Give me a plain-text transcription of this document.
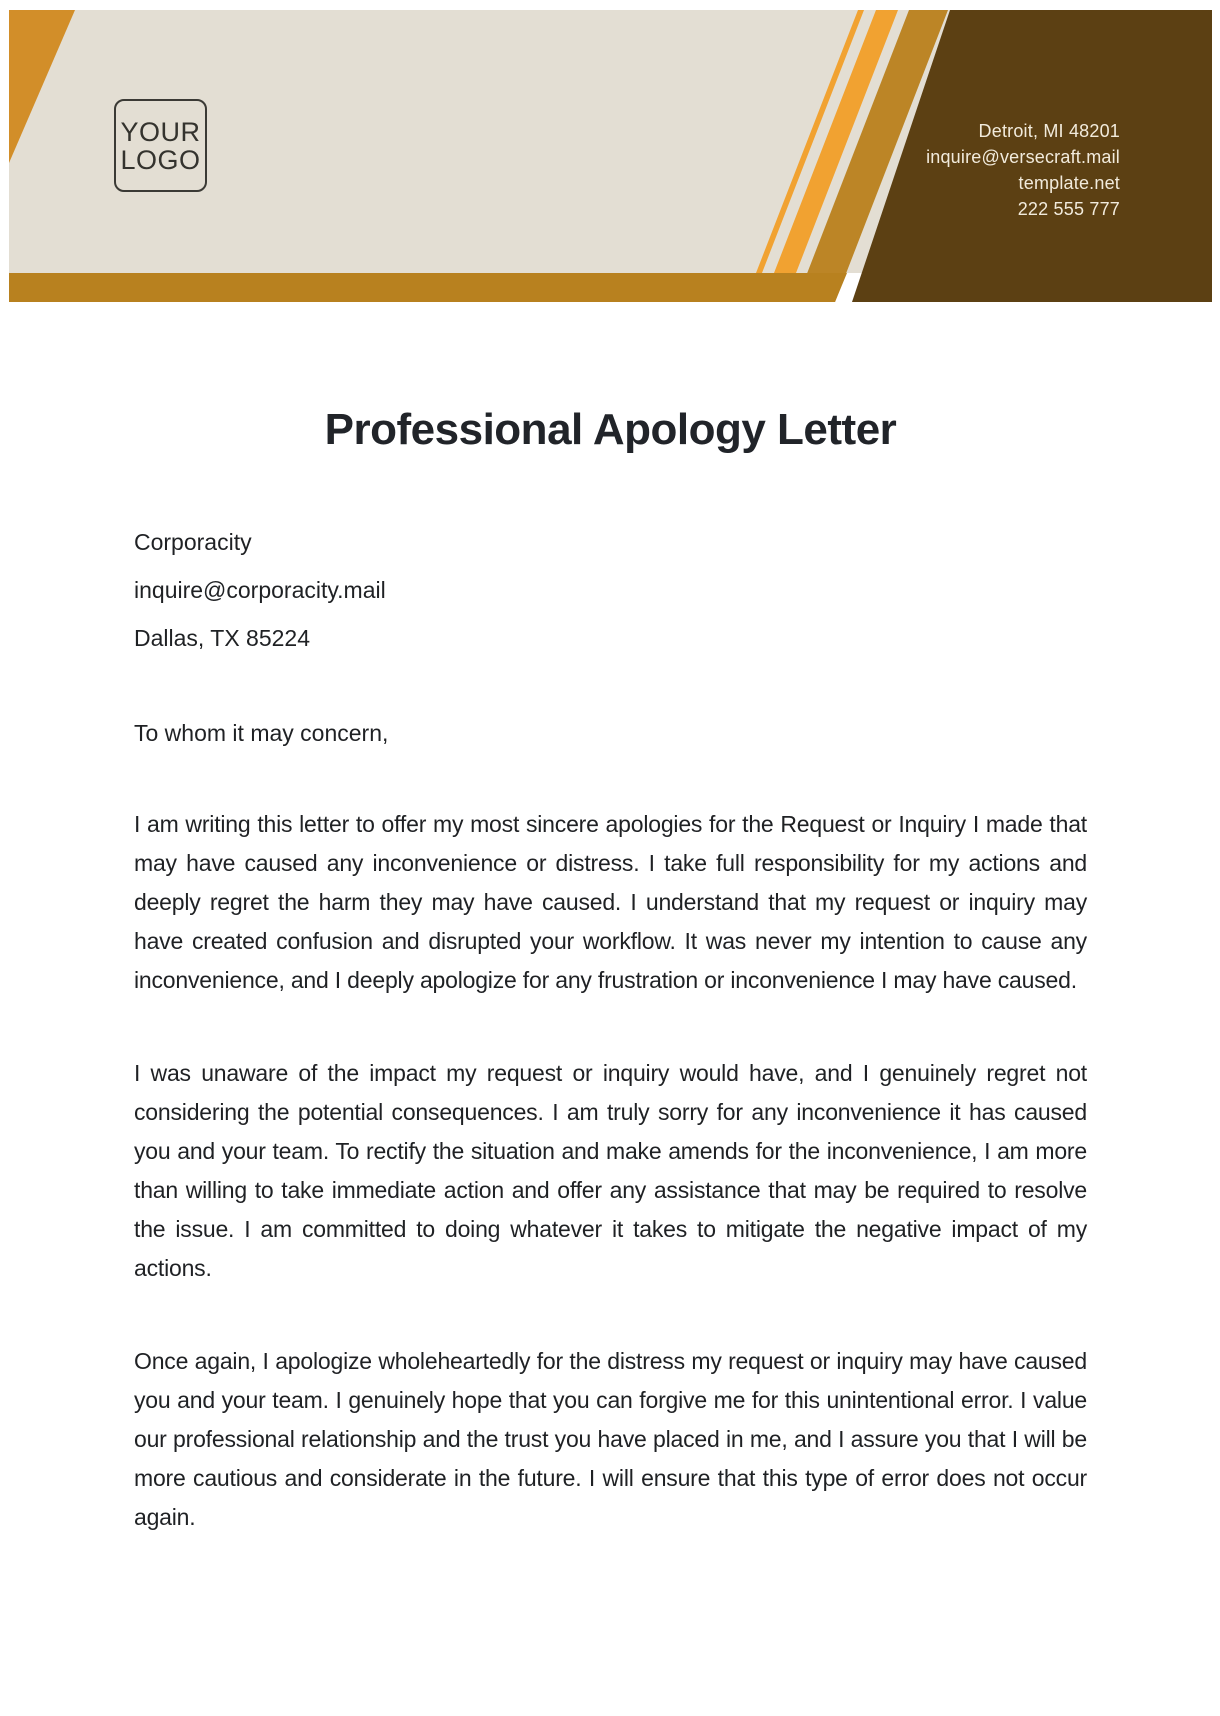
YOUR
LOGO

Detroit, MI 48201

inquire@versecraft.mail

template.net

222 555 777

Professional Apology Letter

Corporacity

inquire@corporacity.mail

Dallas, TX 85224

To whom it may concern,

I am writing this letter to offer my most sincere apologies for the Request or Inquiry I made that may have caused any inconvenience or distress. I take full responsibility for my actions and deeply regret the harm they may have caused. I understand that my request or inquiry may have created confusion and disrupted your workflow. It was never my intention to cause any inconvenience, and I deeply apologize for any frustration or inconvenience I may have caused.

I was unaware of the impact my request or inquiry would have, and I genuinely regret not considering the potential consequences. I am truly sorry for any inconvenience it has caused you and your team. To rectify the situation and make amends for the inconvenience, I am more than willing to take immediate action and offer any assistance that may be required to resolve the issue. I am committed to doing whatever it takes to mitigate the negative impact of my actions.

Once again, I apologize wholeheartedly for the distress my request or inquiry may have caused you and your team. I genuinely hope that you can forgive me for this unintentional error. I value our professional relationship and the trust you have placed in me, and I assure you that I will be more cautious and considerate in the future. I will ensure that this type of error does not occur again.
